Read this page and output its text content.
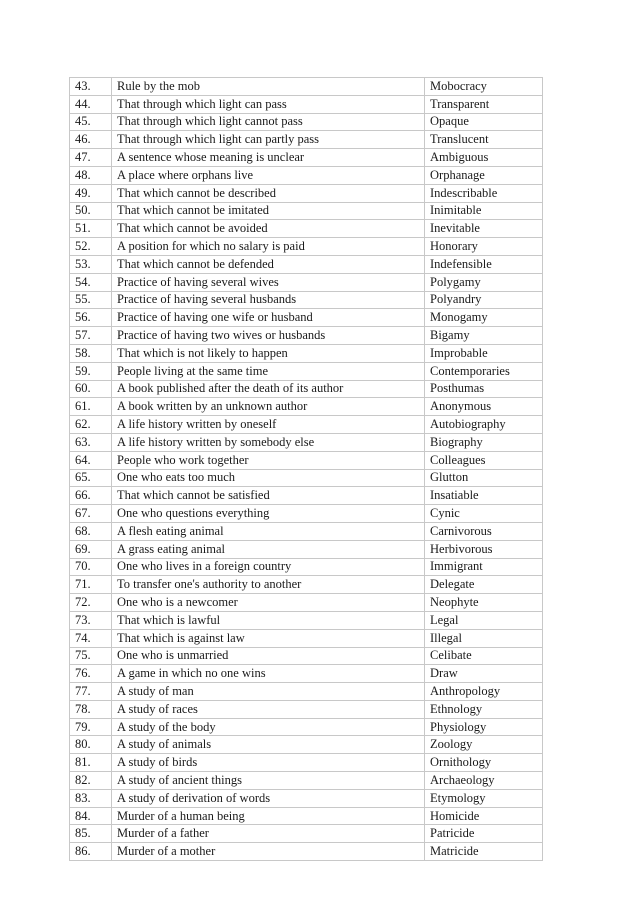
43.	Rule by the mob	Mobocracy
44.	That through which light can pass	Transparent
45.	That through which light cannot pass	Opaque
46.	That through which light can partly pass	Translucent
47.	A sentence whose meaning is unclear	Ambiguous
48.	A place where orphans live	Orphanage
49.	That which cannot be described	Indescribable
50.	That which cannot be imitated	Inimitable
51.	That which cannot be avoided	Inevitable
52.	A position for which no salary is paid	Honorary
53.	That which cannot be defended	Indefensible
54.	Practice of having several wives	Polygamy
55.	Practice of having several husbands	Polyandry
56.	Practice of having one wife or husband	Monogamy
57.	Practice of having two wives or husbands	Bigamy
58.	That which is not likely to happen	Improbable
59.	People living at the same time	Contemporaries
60.	A book published after the death of its author	Posthumas
61.	A book written by an unknown author	Anonymous
62.	A life history written by oneself	Autobiography
63.	A life history written by somebody else	Biography
64.	People who work together	Colleagues
65.	One who eats too much	Glutton
66.	That which cannot be satisfied	Insatiable
67.	One who questions everything	Cynic
68.	A flesh eating animal	Carnivorous
69.	A grass eating animal	Herbivorous
70.	One who lives in a foreign country	Immigrant
71.	To transfer one's authority to another	Delegate
72.	One who is a newcomer	Neophyte
73.	That which is lawful	Legal
74.	That which is against law	Illegal
75.	One who is unmarried	Celibate
76.	A game in which no one wins	Draw
77.	A study of man	Anthropology
78.	A study of races	Ethnology
79.	A study of the body	Physiology
80.	A study of animals	Zoology
81.	A study of birds	Ornithology
82.	A study of ancient things	Archaeology
83.	A study of derivation of words	Etymology
84.	Murder of a human being	Homicide
85.	Murder of a father	Patricide
86.	Murder of a mother	Matricide
